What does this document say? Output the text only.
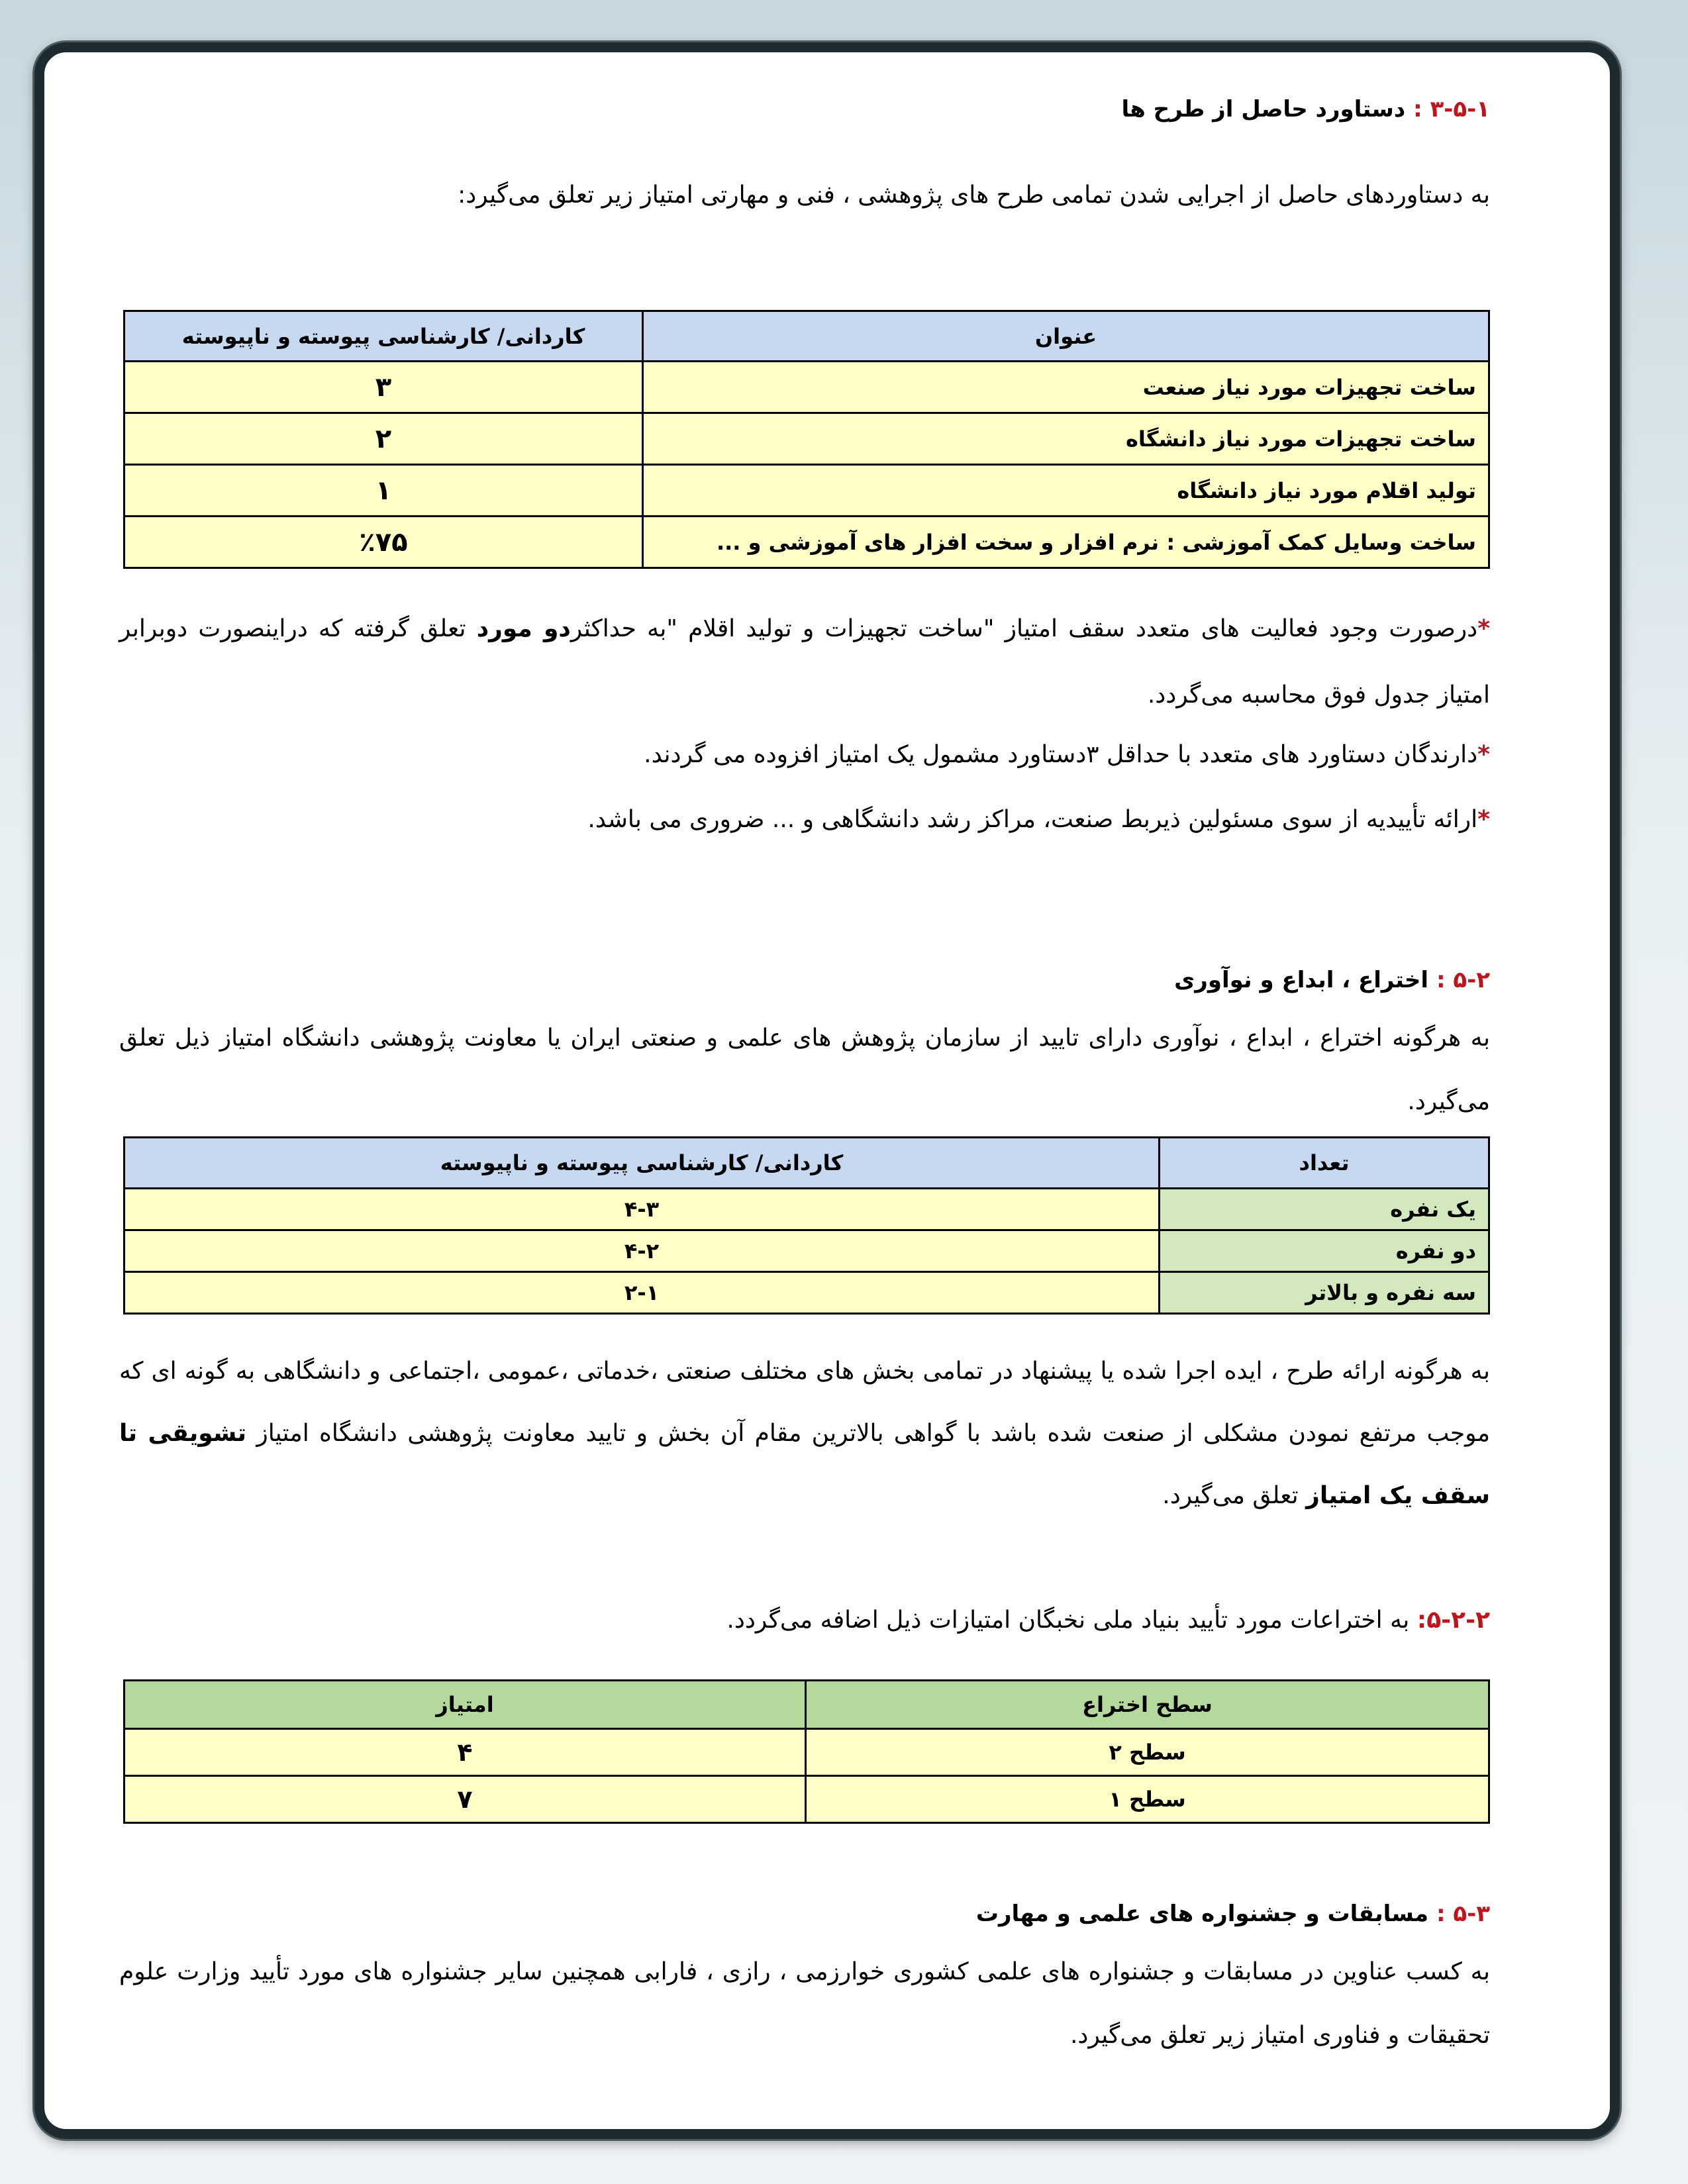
۳-۵-۱ : دستاورد حاصل از طرح ها
به دستاوردهای حاصل از اجرایی شدن تمامی طرح های پژوهشی ، فنی و مهارتی امتیاز زیر تعلق می‌گیرد:
عنوان	کاردانی/ کارشناسی پیوسته و ناپیوسته
ساخت تجهیزات مورد نیاز صنعت	۳
ساخت تجهیزات مورد نیاز دانشگاه	۲
تولید اقلام مورد نیاز دانشگاه	۱
ساخت وسایل کمک آموزشی : نرم افزار و سخت افزار های آموزشی و ...	٪۷۵
*درصورت وجود فعالیت های متعدد سقف امتیاز "ساخت تجهیزات و تولید اقلام "به حداکثردو مورد تعلق گرفته که دراینصورت دوبرابر امتیاز جدول فوق محاسبه می‌گردد.
*دارندگان دستاورد های متعدد با حداقل ۳دستاورد مشمول یک امتیاز افزوده می گردند.
*ارائه تأییدیه از سوی مسئولین ذیربط صنعت، مراکز رشد دانشگاهی و ... ضروری می باشد.
۵-۲ : اختراع ، ابداع و نوآوری
به هرگونه اختراع ، ابداع ، نوآوری دارای تایید از سازمان پژوهش های علمی و صنعتی ایران یا معاونت پژوهشی دانشگاه امتیاز ذیل تعلق می‌گیرد.
تعداد	کاردانی/ کارشناسی پیوسته و ناپیوسته
یک نفره	۴-۳
دو نفره	۴-۲
سه نفره و بالاتر	۲-۱
به هرگونه ارائه طرح ، ایده اجرا شده یا پیشنهاد در تمامی بخش های مختلف صنعتی ،خدماتی ،عمومی ،اجتماعی و دانشگاهی به گونه ای که موجب مرتفع نمودن مشکلی از صنعت شده باشد با گواهی بالاترین مقام آن بخش و تایید معاونت پژوهشی دانشگاه امتیاز تشویقی تا سقف یک امتیاز تعلق می‌گیرد.
۵-۲-۲: به اختراعات مورد تأیید بنیاد ملی نخبگان امتیازات ذیل اضافه می‌گردد.
سطح اختراع	امتیاز
سطح ۲	۴
سطح ۱	۷
۵-۳ : مسابقات و جشنواره های علمی و مهارت
به کسب عناوین در مسابقات و جشنواره های علمی کشوری خوارزمی ، رازی ، فارابی همچنین سایر جشنواره های مورد تأیید وزارت علوم تحقیقات و فناوری امتیاز زیر تعلق می‌گیرد.
